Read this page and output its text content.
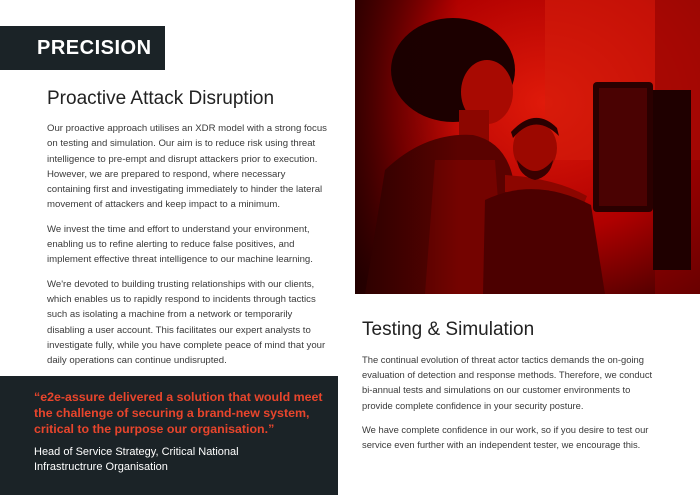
PRECISION
Proactive Attack Disruption

Our proactive approach utilises an XDR model with a strong focus on testing and simulation. Our aim is to reduce risk using threat intelligence to pre-empt and disrupt attackers prior to execution. However, we are prepared to respond, where necessary containing first and investigating immediately to hinder the lateral movement of attackers and keep impact to a minimum.

We invest the time and effort to understand your environment, enabling us to refine alerting to reduce false positives, and implement effective threat intelligence to our machine learning.

We're devoted to building trusting relationships with our clients, which enables us to rapidly respond to incidents through tactics such as isolating a machine from a network or temporarily disabling a user account. This facilitates our expert analysts to investigate fully, while you have complete peace of mind that your daily operations can continue undisrupted.

“e2e-assure delivered a solution that would meet the challenge of securing a brand-new system, critical to the purpose our organisation.”

Head of Service Strategy, Critical National
Infrastructrure Organisation

Testing & Simulation

The continual evolution of threat actor tactics demands the on-going evaluation of detection and response methods. Therefore, we conduct bi-annual tests and simulations on our customer environments to provide complete confidence in your security posture.

We have complete confidence in our work, so if you desire to test our service even further with an independent tester, we encourage this.
